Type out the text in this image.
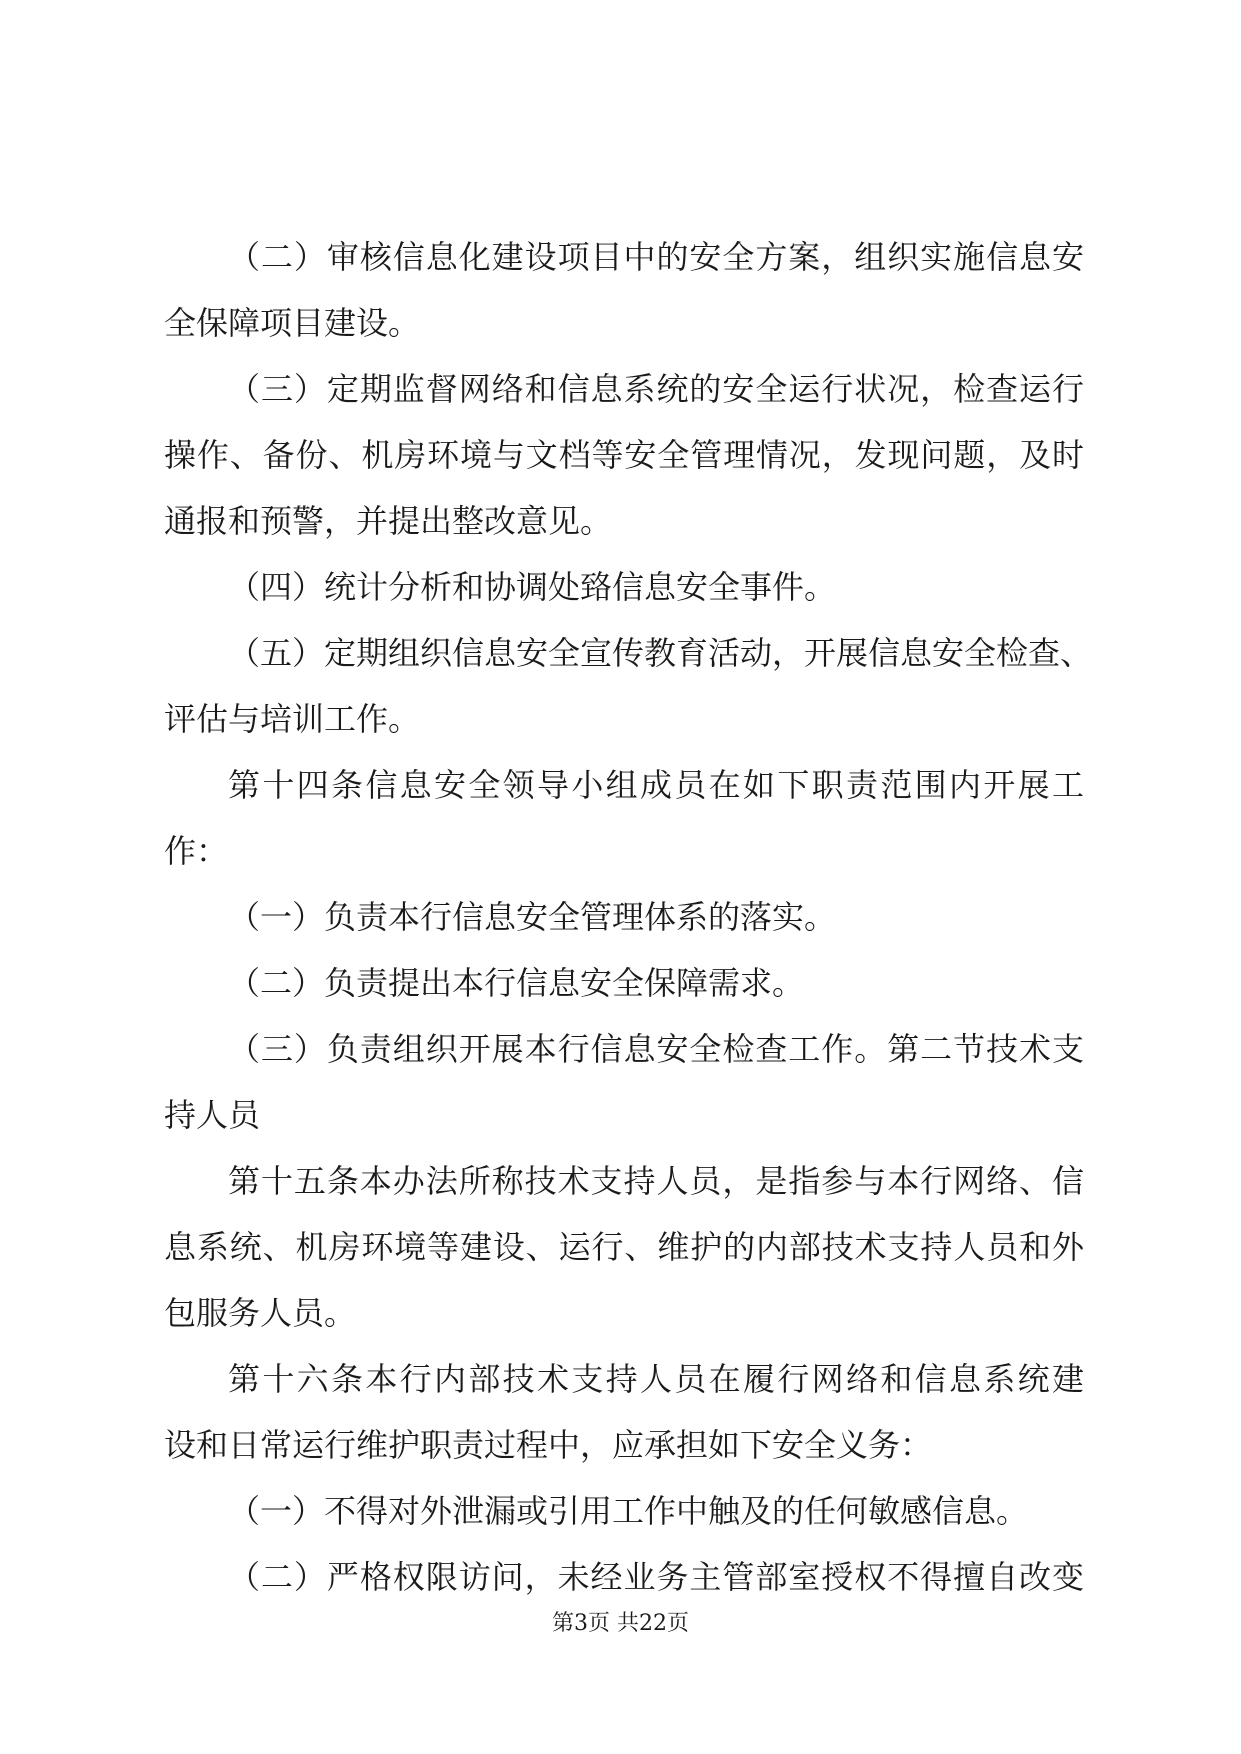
（二）审核信息化建设项目中的安全方案，组织实施信息安
全保障项目建设。
（三）定期监督网络和信息系统的安全运行状况，检查运行
操作、备份、机房环境与文档等安全管理情况，发现问题，及时
通报和预警，并提出整改意见。
（四）统计分析和协调处臵信息安全事件。
（五）定期组织信息安全宣传教育活动，开展信息安全检查、
评估与培训工作。
第十四条信息安全领导小组成员在如下职责范围内开展工
作：
（一）负责本行信息安全管理体系的落实。
（二）负责提出本行信息安全保障需求。
（三）负责组织开展本行信息安全检查工作。第二节技术支
持人员
第十五条本办法所称技术支持人员，是指参与本行网络、信
息系统、机房环境等建设、运行、维护的内部技术支持人员和外
包服务人员。
第十六条本行内部技术支持人员在履行网络和信息系统建
设和日常运行维护职责过程中，应承担如下安全义务：
（一）不得对外泄漏或引用工作中触及的任何敏感信息。
（二）严格权限访问，未经业务主管部室授权不得擅自改变
第3页 共22页
